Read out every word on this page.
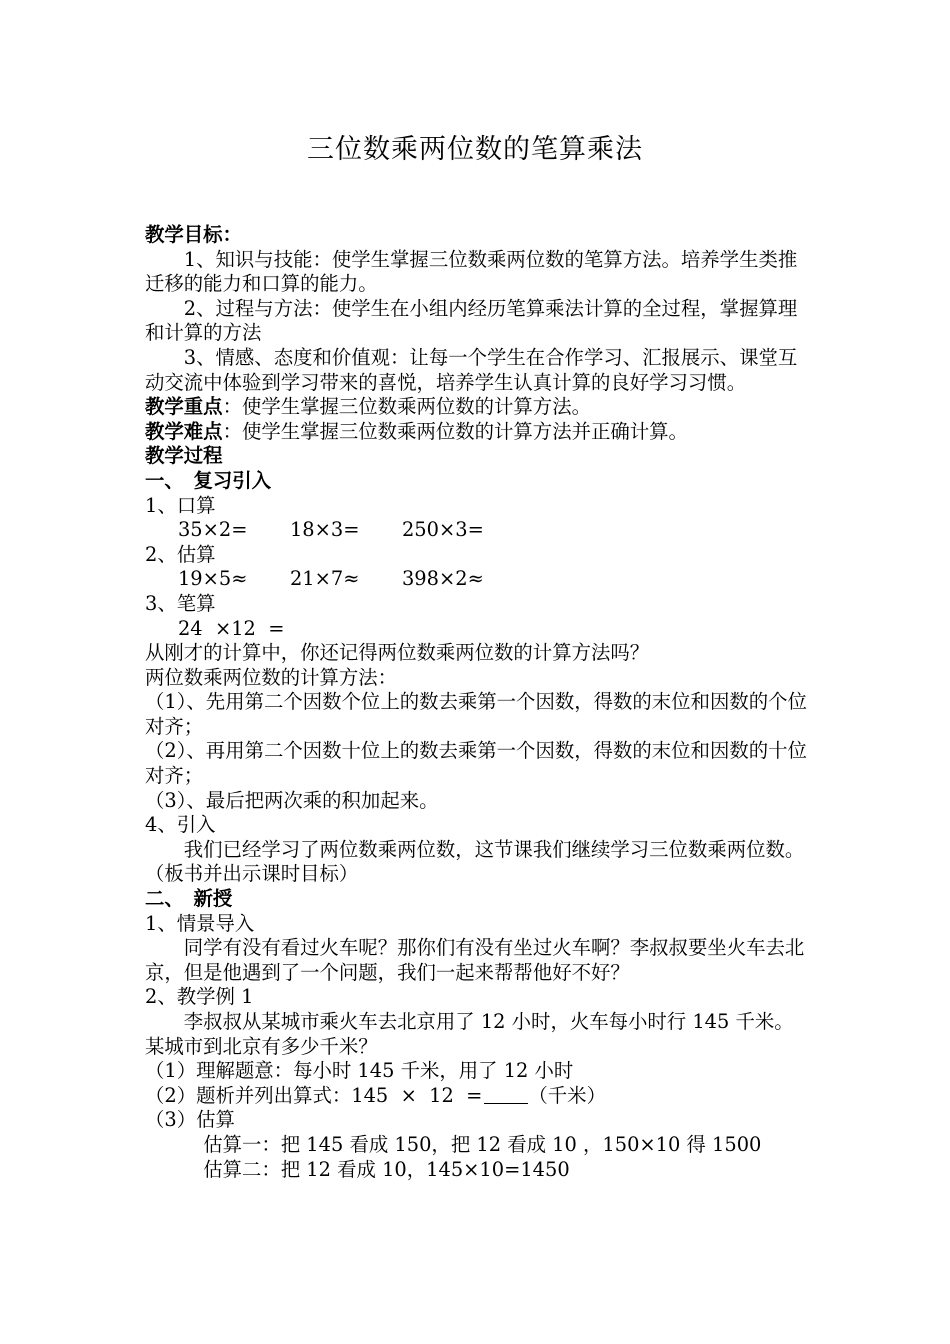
三位数乘两位数的笔算乘法

教学目标：

1、知识与技能：使学生掌握三位数乘两位数的笔算方法。培养学生类推迁移的能力和口算的能力。

2、过程与方法：使学生在小组内经历笔算乘法计算的全过程，掌握算理和计算的方法

3、情感、态度和价值观：让每一个学生在合作学习、汇报展示、课堂互动交流中体验到学习带来的喜悦，培养学生认真计算的良好学习习惯。

教学重点：使学生掌握三位数乘两位数的计算方法。

教学难点：使学生掌握三位数乘两位数的计算方法并正确计算。

教学过程

一、　复习引入

1、口算

35×2= 18×3= 250×3=

2、估算

19×5≈ 21×7≈ 398×2≈

3、笔算

24  ×12  =

从刚才的计算中，你还记得两位数乘两位数的计算方法吗？

两位数乘两位数的计算方法：

（1）、先用第二个因数个位上的数去乘第一个因数，得数的末位和因数的个位对齐；

（2）、再用第二个因数十位上的数去乘第一个因数，得数的末位和因数的十位对齐；

（3）、最后把两次乘的积加起来。

4、引入

我们已经学习了两位数乘两位数，这节课我们继续学习三位数乘两位数。（板书并出示课时目标）

二、　新授

1、情景导入

同学有没有看过火车呢？那你们有没有坐过火车啊？李叔叔要坐火车去北京，但是他遇到了一个问题，我们一起来帮帮他好不好？

2、教学例 1

李叔叔从某城市乘火车去北京用了 12 小时，火车每小时行 145 千米。某城市到北京有多少千米？

（1）理解题意：每小时 145 千米，用了 12 小时

（2）题析并列出算式：145  ×  12  = （千米）

（3）估算

估算一：把 145 看成 150，把 12 看成 10 ，150×10 得 1500

估算二：把 12 看成 10，145×10=1450
